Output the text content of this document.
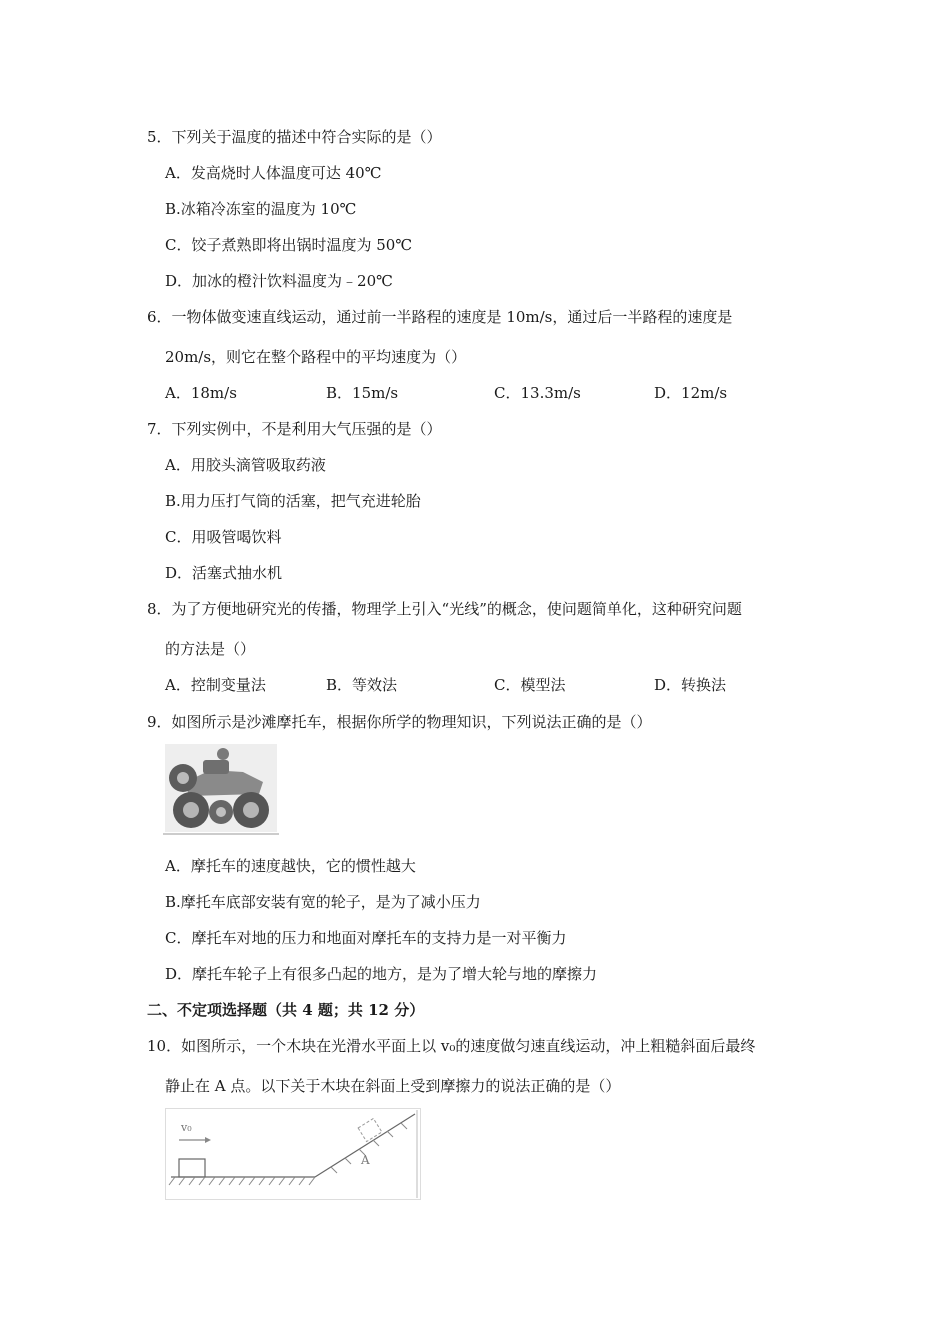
5．下列关于温度的描述中符合实际的是（）
A．发高烧时人体温度可达 40℃
B.冰箱冷冻室的温度为 10℃
C．饺子煮熟即将出锅时温度为 50℃
D．加冰的橙汁饮料温度为﹣20℃
6．一物体做变速直线运动，通过前一半路程的速度是 10m/s，通过后一半路程的速度是
20m/s，则它在整个路程中的平均速度为（）
A．18m/s	B．15m/s	C．13.3m/s	D．12m/s
7．下列实例中，不是利用大气压强的是（）
A．用胶头滴管吸取药液
B.用力压打气筒的活塞，把气充进轮胎
C．用吸管喝饮料
D．活塞式抽水机
8．为了方便地研究光的传播，物理学上引入“光线”的概念，使问题简单化，这种研究问题
的方法是（）
A．控制变量法	B．等效法	C．模型法	D．转换法
9．如图所示是沙滩摩托车，根据你所学的物理知识，下列说法正确的是（）
A．摩托车的速度越快，它的惯性越大
B.摩托车底部安装有宽的轮子，是为了减小压力
C．摩托车对地的压力和地面对摩托车的支持力是一对平衡力
D．摩托车轮子上有很多凸起的地方，是为了增大轮与地的摩擦力
二、不定项选择题（共 4 题；共 12 分）
10．如图所示，一个木块在光滑水平面上以 v₀的速度做匀速直线运动，冲上粗糙斜面后最终
静止在 A 点。以下关于木块在斜面上受到摩擦力的说法正确的是（）
v₀
A
